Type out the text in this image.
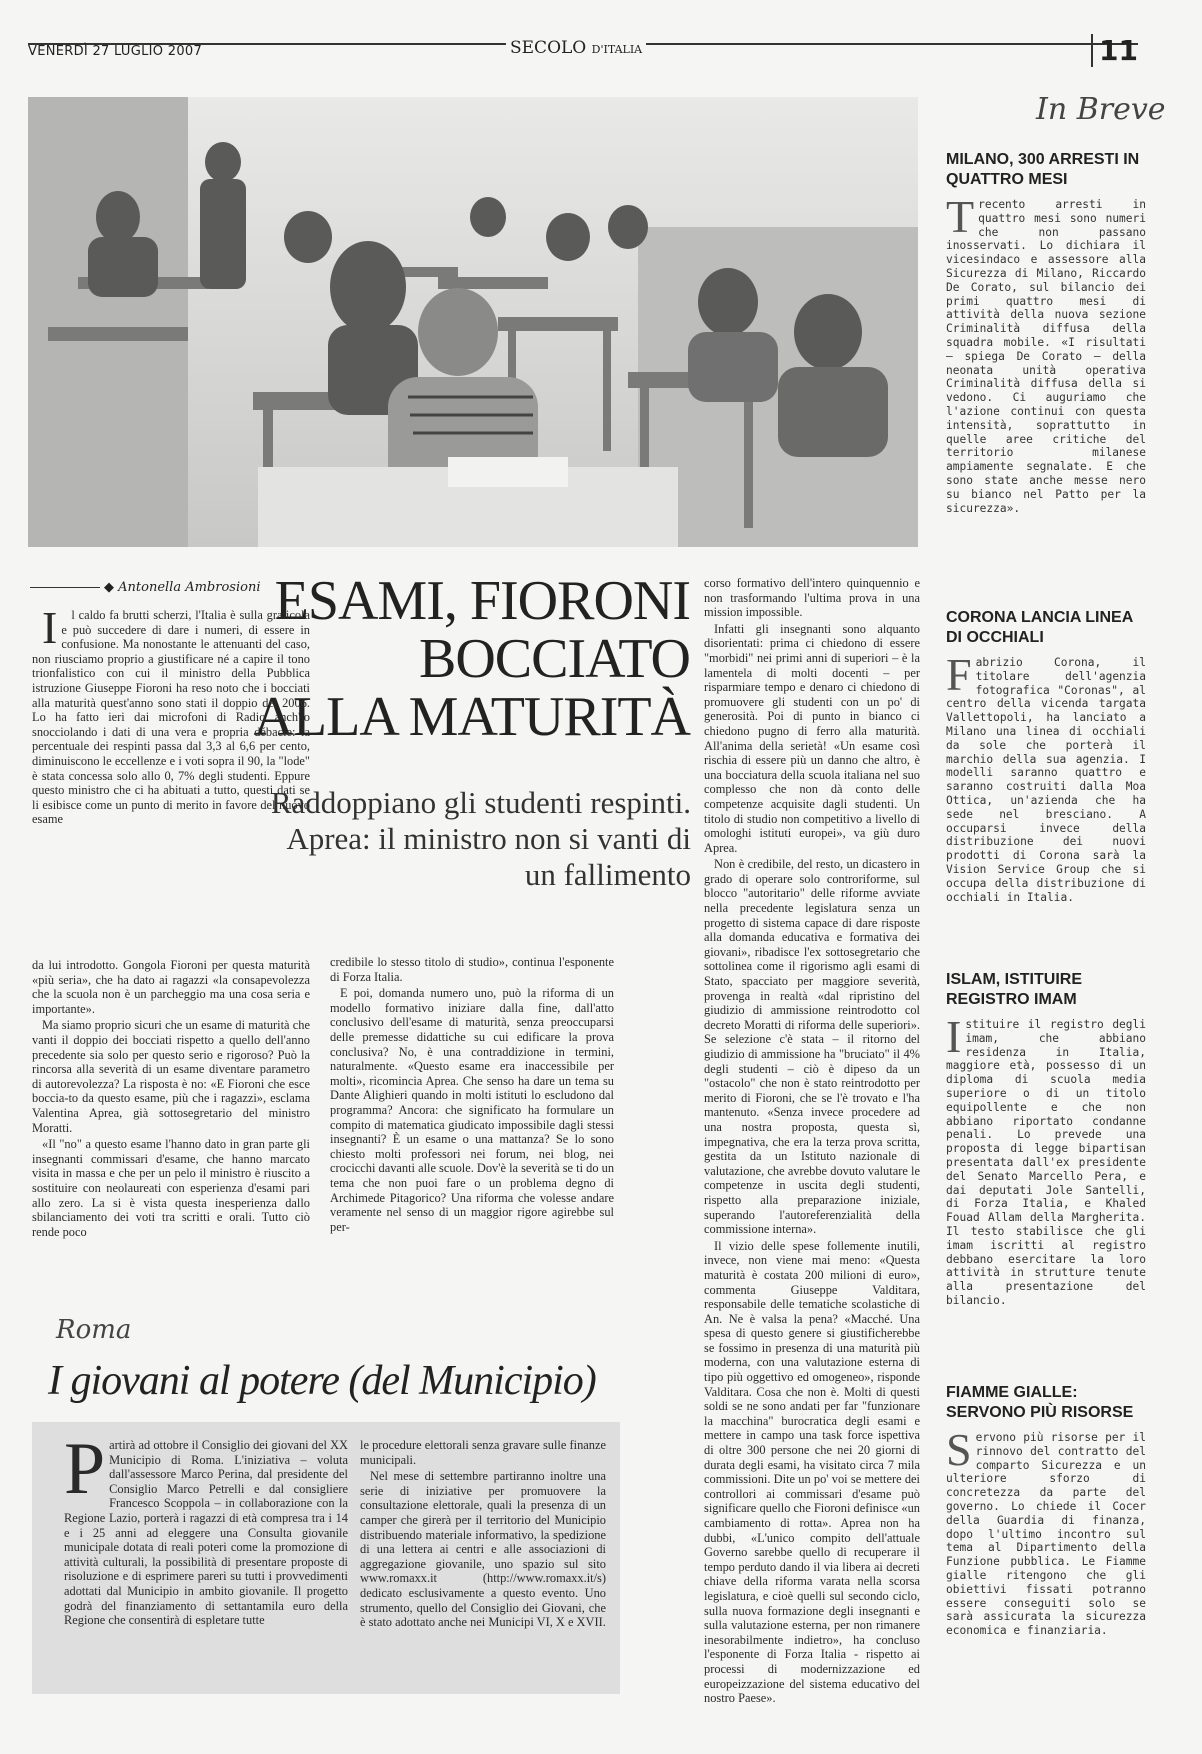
VENERDÌ 27 LUGLIO 2007	SECOLO D'ITALIA	11
◆ Antonella Ambrosioni ESAMI, FIORONI
BOCCIATO
ALLA MATURITÀ
Raddoppiano gli studenti respinti. Aprea: il ministro non si vanti di un fallimento

Il caldo fa brutti scherzi, l'Italia è sulla graticola e può succedere di dare i numeri, di essere in confusione. Ma nonostante le attenuanti del caso, non riusciamo proprio a giustificare né a capire il tono trionfalistico con cui il ministro della Pubblica istruzione Giuseppe Fioroni ha reso noto che i bocciati alla maturità quest'anno sono stati il doppio del 2006. Lo ha fatto ieri dai microfoni di Radio anch'io snocciolando i dati di una vera e propria débacle: la percentuale dei respinti passa dal 3,3 al 6,6 per cento, diminuiscono le eccellenze e i voti sopra il 90, la "lode" è stata concessa solo allo 0, 7% degli studenti. Eppure questo ministro che ci ha abituati a tutto, questi dati se li esibisce come un punto di merito in favore del nuovo esame

da lui introdotto. Gongola Fioroni per questa maturità «più seria», che ha dato ai ragazzi «la consapevolezza che la scuola non è un parcheggio ma una cosa seria e importante».

Ma siamo proprio sicuri che un esame di maturità che vanti il doppio dei bocciati rispetto a quello dell'anno precedente sia solo per questo serio e rigoroso? Può la rincorsa alla severità di un esame diventare parametro di autorevolezza? La risposta è no: «E Fioroni che esce boccia-to da questo esame, più che i ragazzi», esclama Valentina Aprea, già sottosegretario del ministro Moratti.

«Il "no" a questo esame l'hanno dato in gran parte gli insegnanti commissari d'esame, che hanno marcato visita in massa e che per un pelo il ministro è riuscito a sostituire con neolaureati con esperienza d'esami pari allo zero. La si è vista questa inesperienza dallo sbilanciamento dei voti tra scritti e orali. Tutto ciò rende poco

credibile lo stesso titolo di studio», continua l'esponente di Forza Italia.

E poi, domanda numero uno, può la riforma di un modello formativo iniziare dalla fine, dall'atto conclusivo dell'esame di maturità, senza preoccuparsi delle premesse didattiche su cui edificare la prova conclusiva? No, è una contraddizione in termini, naturalmente. «Questo esame era inaccessibile per molti», ricomincia Aprea. Che senso ha dare un tema su Dante Alighieri quando in molti istituti lo escludono dal programma? Ancora: che significato ha formulare un compito di matematica giudicato impossibile dagli stessi insegnanti? È un esame o una mattanza? Se lo sono chiesto molti professori nei forum, nei blog, nei crocicchi davanti alle scuole. Dov'è la severità se ti do un tema che non puoi fare o un problema degno di Archimede Pitagorico? Una riforma che volesse andare veramente nel senso di un maggior rigore agirebbe sul per-

corso formativo dell'intero quinquennio e non trasformando l'ultima prova in una mission impossible.

Infatti gli insegnanti sono alquanto disorientati: prima ci chiedono di essere "morbidi" nei primi anni di superiori – è la lamentela di molti docenti – per risparmiare tempo e denaro ci chiedono di promuovere gli studenti con un po' di generosità. Poi di punto in bianco ci chiedono pugno di ferro alla maturità. All'anima della serietà! «Un esame così rischia di essere più un danno che altro, è una bocciatura della scuola italiana nel suo complesso che non dà conto delle competenze acquisite dagli studenti. Un titolo di studio non competitivo a livello di omologhi istituti europei», va giù duro Aprea.

Non è credibile, del resto, un dicastero in grado di operare solo controriforme, sul blocco "autoritario" delle riforme avviate nella precedente legislatura senza un progetto di sistema capace di dare risposte alla domanda educativa e formativa dei giovani», ribadisce l'ex sottosegretario che sottolinea come il rigorismo agli esami di Stato, spacciato per maggiore severità, provenga in realtà «dal ripristino del giudizio di ammissione reintrodotto col decreto Moratti di riforma delle superiori». Se selezione c'è stata – il ritorno del giudizio di ammissione ha "bruciato" il 4% degli studenti – ciò è dipeso da un "ostacolo" che non è stato reintrodotto per merito di Fioroni, che se l'è trovato e l'ha mantenuto. «Senza invece procedere ad una nostra proposta, questa sì, impegnativa, che era la terza prova scritta, gestita da un Istituto nazionale di valutazione, che avrebbe dovuto valutare le competenze in uscita degli studenti, rispetto alla preparazione iniziale, superando l'autoreferenzialità della commissione interna».

Il vizio delle spese follemente inutili, invece, non viene mai meno: «Questa maturità è costata 200 milioni di euro», commenta Giuseppe Valditara, responsabile delle tematiche scolastiche di An. Ne è valsa la pena? «Macché. Una spesa di questo genere si giustificherebbe se fossimo in presenza di una maturità più moderna, con una valutazione esterna di tipo più oggettivo ed omogeneo», risponde Valditara. Cosa che non è. Molti di questi soldi se ne sono andati per far "funzionare la macchina" burocratica degli esami e mettere in campo una task force ispettiva di oltre 300 persone che nei 20 giorni di durata degli esami, ha visitato circa 7 mila commissioni. Dite un po' voi se mettere dei controllori ai commissari d'esame può significare quello che Fioroni definisce «un cambiamento di rotta». Aprea non ha dubbi, «L'unico compito dell'attuale Governo sarebbe quello di recuperare il tempo perduto dando il via libera ai decreti chiave della riforma varata nella scorsa legislatura, e cioè quelli sul secondo ciclo, sulla nuova formazione degli insegnanti e sulla valutazione esterna, per non rimanere inesorabilmente indietro», ha concluso l'esponente di Forza Italia - rispetto ai processi di modernizzazione ed europeizzazione del sistema educativo del nostro Paese».

Roma
I giovani al potere (del Municipio)

Partirà ad ottobre il Consiglio dei giovani del XX Municipio di Roma. L'iniziativa – voluta dall'assessore Marco Perina, dal presidente del Consiglio Marco Petrelli e dal consigliere Francesco Scoppola – in collaborazione con la Regione Lazio, porterà i ragazzi di età compresa tra i 14 e i 25 anni ad eleggere una Consulta giovanile municipale dotata di reali poteri come la promozione di attività culturali, la possibilità di presentare proposte di risoluzione e di esprimere pareri su tutti i provvedimenti adottati dal Municipio in ambito giovanile. Il progetto godrà del finanziamento di settantamila euro della Regione che consentirà di espletare tutte

le procedure elettorali senza gravare sulle finanze municipali.

Nel mese di settembre partiranno inoltre una serie di iniziative per promuovere la consultazione elettorale, quali la presenza di un camper che girerà per il territorio del Municipio distribuendo materiale informativo, la spedizione di una lettera ai centri e alle associazioni di aggregazione giovanile, uno spazio sul sito www.romaxx.it (http://www.romaxx.it/s) dedicato esclusivamente a questo evento. Uno strumento, quello del Consiglio dei Giovani, che è stato adottato anche nei Municipi VI, X e XVII.

In Breve
MILANO, 300 ARRESTI IN QUATTRO MESI

Trecento arresti in quattro mesi sono numeri che non passano inosservati. Lo dichiara il vicesindaco e assessore alla Sicurezza di Milano, Riccardo De Corato, sul bilancio dei primi quattro mesi di attività della nuova sezione Criminalità diffusa della squadra mobile. «I risultati – spiega De Corato – della neonata unità operativa Criminalità diffusa della si vedono. Ci auguriamo che l'azione continui con questa intensità, soprattutto in quelle aree critiche del territorio milanese ampiamente segnalate. E che sono state anche messe nero su bianco nel Patto per la sicurezza».

CORONA LANCIA LINEA DI OCCHIALI

Fabrizio Corona, il titolare dell'agenzia fotografica "Coronas", al centro della vicenda targata Vallettopoli, ha lanciato a Milano una linea di occhiali da sole che porterà il marchio della sua agenzia. I modelli saranno quattro e saranno costruiti dalla Moa Ottica, un'azienda che ha sede nel bresciano. A occuparsi invece della distribuzione dei nuovi prodotti di Corona sarà la Vision Service Group che si occupa della distribuzione di occhiali in Italia.

ISLAM, ISTITUIRE REGISTRO IMAM

Istituire il registro degli imam, che abbiano residenza in Italia, maggiore età, possesso di un diploma di scuola media superiore o di un titolo equipollente e che non abbiano riportato condanne penali. Lo prevede una proposta di legge bipartisan presentata dall'ex presidente del Senato Marcello Pera, e dai deputati Jole Santelli, di Forza Italia, e Khaled Fouad Allam della Margherita. Il testo stabilisce che gli imam iscritti al registro debbano esercitare la loro attività in strutture tenute alla presentazione del bilancio.

FIAMME GIALLE: SERVONO PIÙ RISORSE

Servono più risorse per il rinnovo del contratto del comparto Sicurezza e un ulteriore sforzo di concretezza da parte del governo. Lo chiede il Cocer della Guardia di finanza, dopo l'ultimo incontro sul tema al Dipartimento della Funzione pubblica. Le Fiamme gialle ritengono che gli obiettivi fissati potranno essere conseguiti solo se sarà assicurata la sicurezza economica e finanziaria.
